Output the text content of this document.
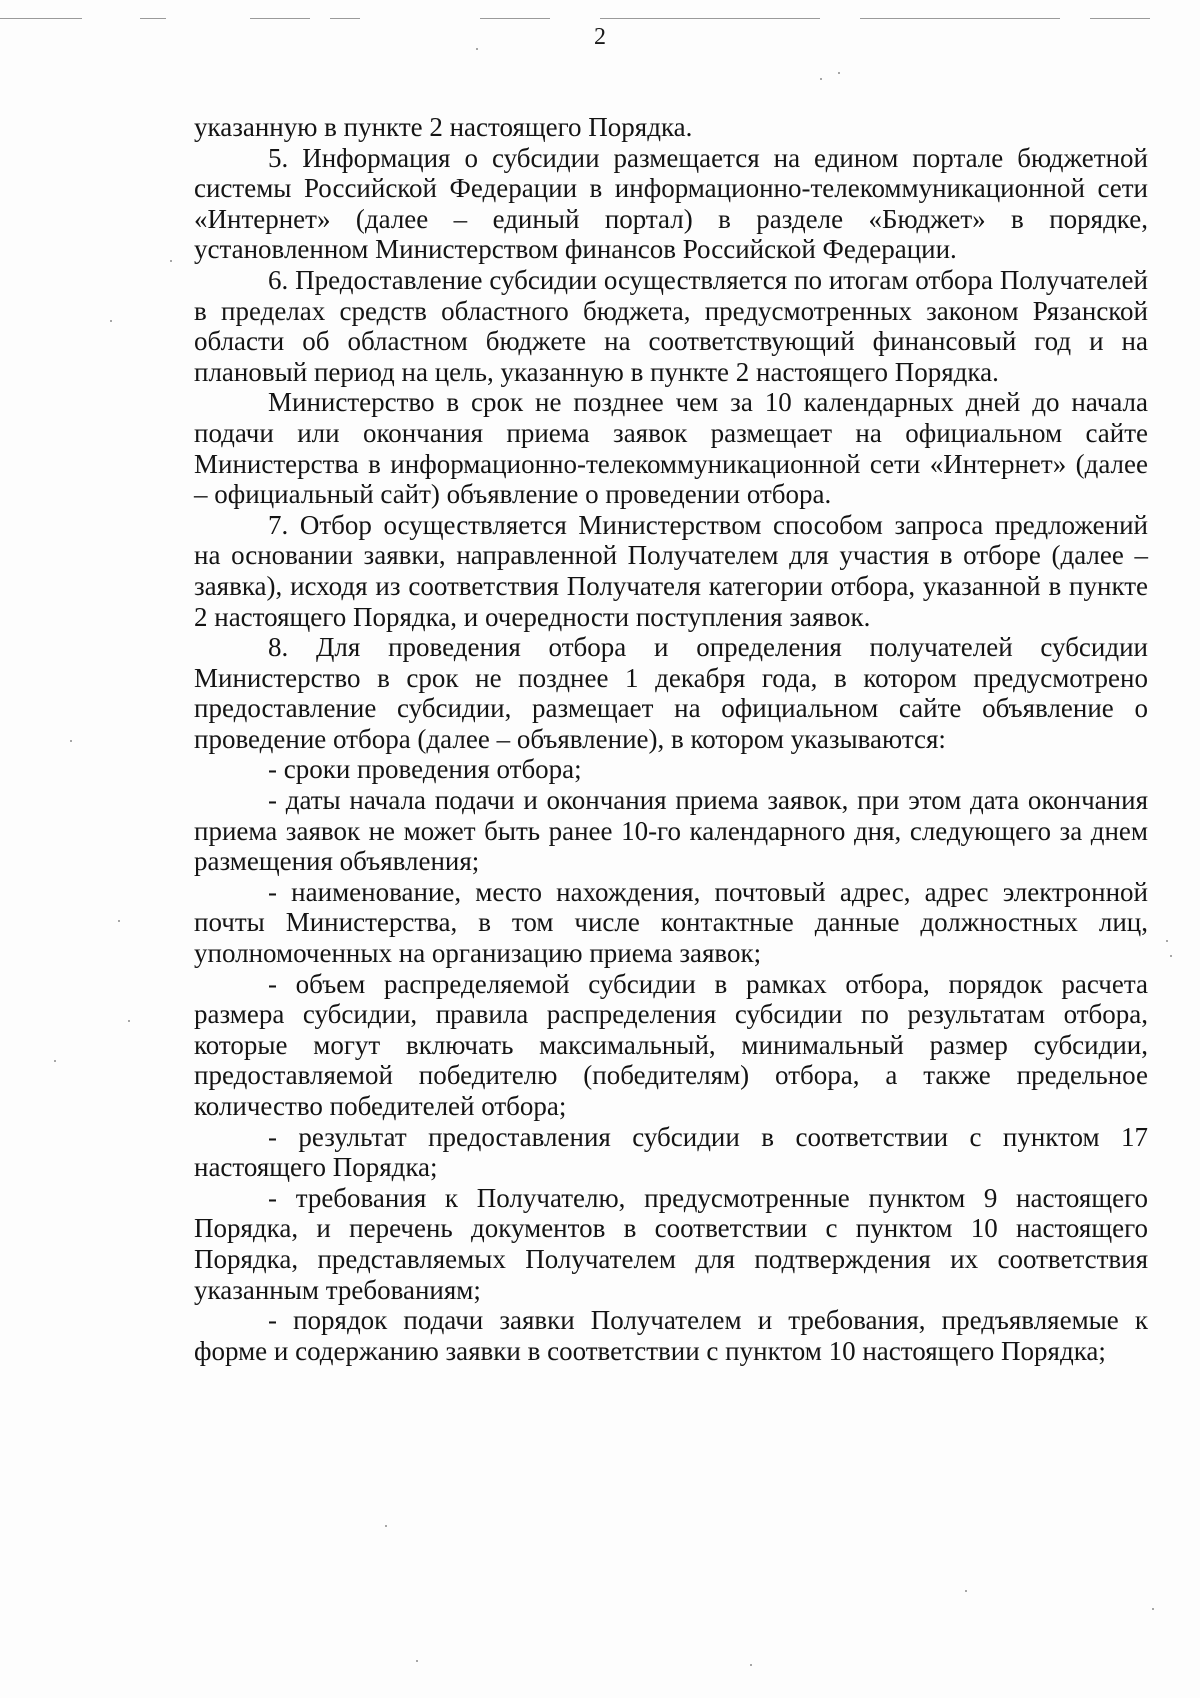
2

указанную в пункте 2 настоящего Порядка.

5. Информация о субсидии размещается на едином портале бюджетной системы Российской Федерации в информационно-телекоммуникационной сети «Интернет» (далее – единый портал) в разделе «Бюджет» в порядке, установленном Министерством финансов Российской Федерации.

6. Предоставление субсидии осуществляется по итогам отбора Получателей в пределах средств областного бюджета, предусмотренных законом Рязанской области об областном бюджете на соответствующий финансовый год и на плановый период на цель, указанную в пункте 2 настоящего Порядка.

Министерство в срок не позднее чем за 10 календарных дней до начала подачи или окончания приема заявок размещает на официальном сайте Министерства в информационно-телекоммуникационной сети «Интернет» (далее – официальный сайт) объявление о проведении отбора.

7. Отбор осуществляется Министерством способом запроса предложений на основании заявки, направленной Получателем для участия в отборе (далее – заявка), исходя из соответствия Получателя категории отбора, указанной в пункте 2 настоящего Порядка, и очередности поступления заявок.

8. Для проведения отбора и определения получателей субсидии Министерство в срок не позднее 1 декабря года, в котором предусмотрено предоставление субсидии, размещает на официальном сайте объявление о проведение отбора (далее – объявление), в котором указываются:

- сроки проведения отбора;

- даты начала подачи и окончания приема заявок, при этом дата окончания приема заявок не может быть ранее 10-го календарного дня, следующего за днем размещения объявления;

- наименование, место нахождения, почтовый адрес, адрес электронной почты Министерства, в том числе контактные данные должностных лиц, уполномоченных на организацию приема заявок;

- объем распределяемой субсидии в рамках отбора, порядок расчета размера субсидии, правила распределения субсидии по результатам отбора, которые могут включать максимальный, минимальный размер субсидии, предоставляемой победителю (победителям) отбора, а также предельное количество победителей отбора;

- результат предоставления субсидии в соответствии с пунктом 17 настоящего Порядка;

- требования к Получателю, предусмотренные пунктом 9 настоящего Порядка, и перечень документов в соответствии с пунктом 10 настоящего Порядка, представляемых Получателем для подтверждения их соответствия указанным требованиям;

- порядок подачи заявки Получателем и требования, предъявляемые к форме и содержанию заявки в соответствии с пунктом 10 настоящего Порядка;
